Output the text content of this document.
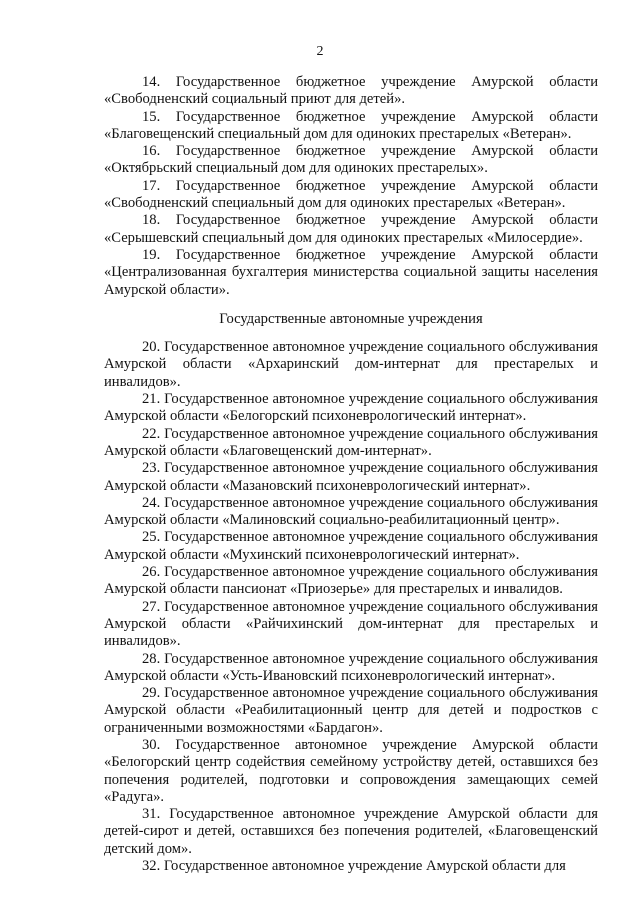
2

14. Государственное бюджетное учреждение Амурской области «Свободненский социальный приют для детей».

15. Государственное бюджетное учреждение Амурской области «Благовещенский специальный дом для одиноких престарелых «Ветеран».

16. Государственное бюджетное учреждение Амурской области «Октябрьский специальный дом для одиноких престарелых».

17. Государственное бюджетное учреждение Амурской области «Свободненский специальный дом для одиноких престарелых «Ветеран».

18. Государственное бюджетное учреждение Амурской области «Серышевский специальный дом для одиноких престарелых «Милосердие».

19. Государственное бюджетное учреждение Амурской области «Централизованная бухгалтерия министерства социальной защиты населения Амурской области».

Государственные автономные учреждения

20. Государственное автономное учреждение социального обслуживания Амурской области «Архаринский дом-интернат для престарелых и инвалидов».

21. Государственное автономное учреждение социального обслуживания Амурской области «Белогорский психоневрологический интернат».

22. Государственное автономное учреждение социального обслуживания Амурской области «Благовещенский дом-интернат».

23. Государственное автономное учреждение социального обслуживания Амурской области «Мазановский психоневрологический интернат».

24. Государственное автономное учреждение социального обслуживания Амурской области «Малиновский социально-реабилитационный центр».

25. Государственное автономное учреждение социального обслуживания Амурской области «Мухинский психоневрологический интернат».

26. Государственное автономное учреждение социального обслуживания Амурской области пансионат «Приозерье» для престарелых и инвалидов.

27. Государственное автономное учреждение социального обслуживания Амурской области «Райчихинский дом-интернат для престарелых и инвалидов».

28. Государственное автономное учреждение социального обслуживания Амурской области «Усть-Ивановский психоневрологический интернат».

29. Государственное автономное учреждение социального обслуживания Амурской области «Реабилитационный центр для детей и подростков с ограниченными возможностями «Бардагон».

30. Государственное автономное учреждение Амурской области «Белогорский центр содействия семейному устройству детей, оставшихся без попечения родителей, подготовки и сопровождения замещающих семей «Радуга».

31. Государственное автономное учреждение Амурской области для детей-сирот и детей, оставшихся без попечения родителей, «Благовещенский детский дом».

32. Государственное автономное учреждение Амурской области для
